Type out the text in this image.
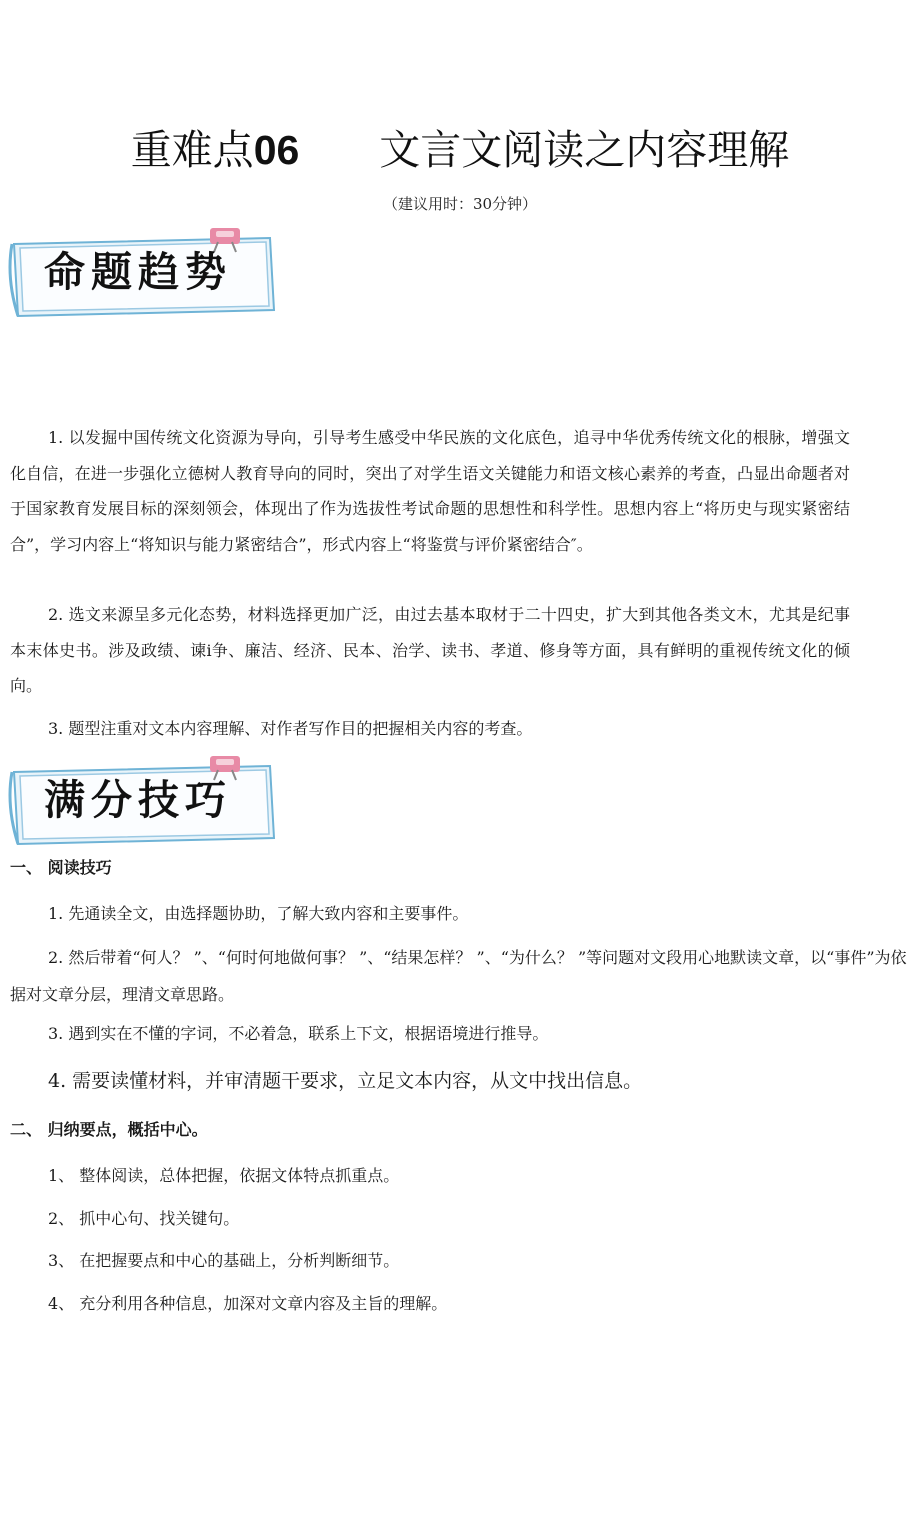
重难点06 文言文阅读之内容理解
（建议用时：30分钟）
命题趋势

1. 以发掘中国传统文化资源为导向，引导考生感受中华民族的文化底色，追寻中华优秀传统文化的根脉，增强文化自信，在进一步强化立德树人教育导向的同时，突出了对学生语文关键能力和语文核心素养的考查，凸显出命题者对于国家教育发展目标的深刻领会，体现出了作为选拔性考试命题的思想性和科学性。思想内容上“将历史与现实紧密结合”，学习内容上“将知识与能力紧密结合”，形式内容上“将鉴赏与评价紧密结合″。

2. 选文来源呈多元化态势，材料选择更加广泛，由过去基本取材于二十四史，扩大到其他各类文木，尤其是纪事本末体史书。涉及政绩、谏i争、廉洁、经济、民本、治学、读书、孝道、修身等方面，具有鲜明的重视传统文化的倾向。

3. 题型注重对文本内容理解、对作者写作目的把握相关内容的考查。

满分技巧
一、 阅读技巧

1. 先通读全文，由选择题协助，了解大致内容和主要事件。

2. 然后带着“何人？ ”、“何时何地做何事？ ”、“结果怎样？ ”、“为什么？ ”等问题对文段用心地默读文章，以“事件”为依据对文章分层，理清文章思路。

3. 遇到实在不懂的字词，不必着急，联系上下文，根据语境进行推导。

4. 需要读懂材料，并审清题干要求，立足文本内容，从文中找出信息。

二、 归纳要点，概括中心。

1、 整体阅读，总体把握，依据文体特点抓重点。

2、 抓中心句、找关键句。

3、 在把握要点和中心的基础上，分析判断细节。

4、 充分利用各种信息，加深对文章内容及主旨的理解。
